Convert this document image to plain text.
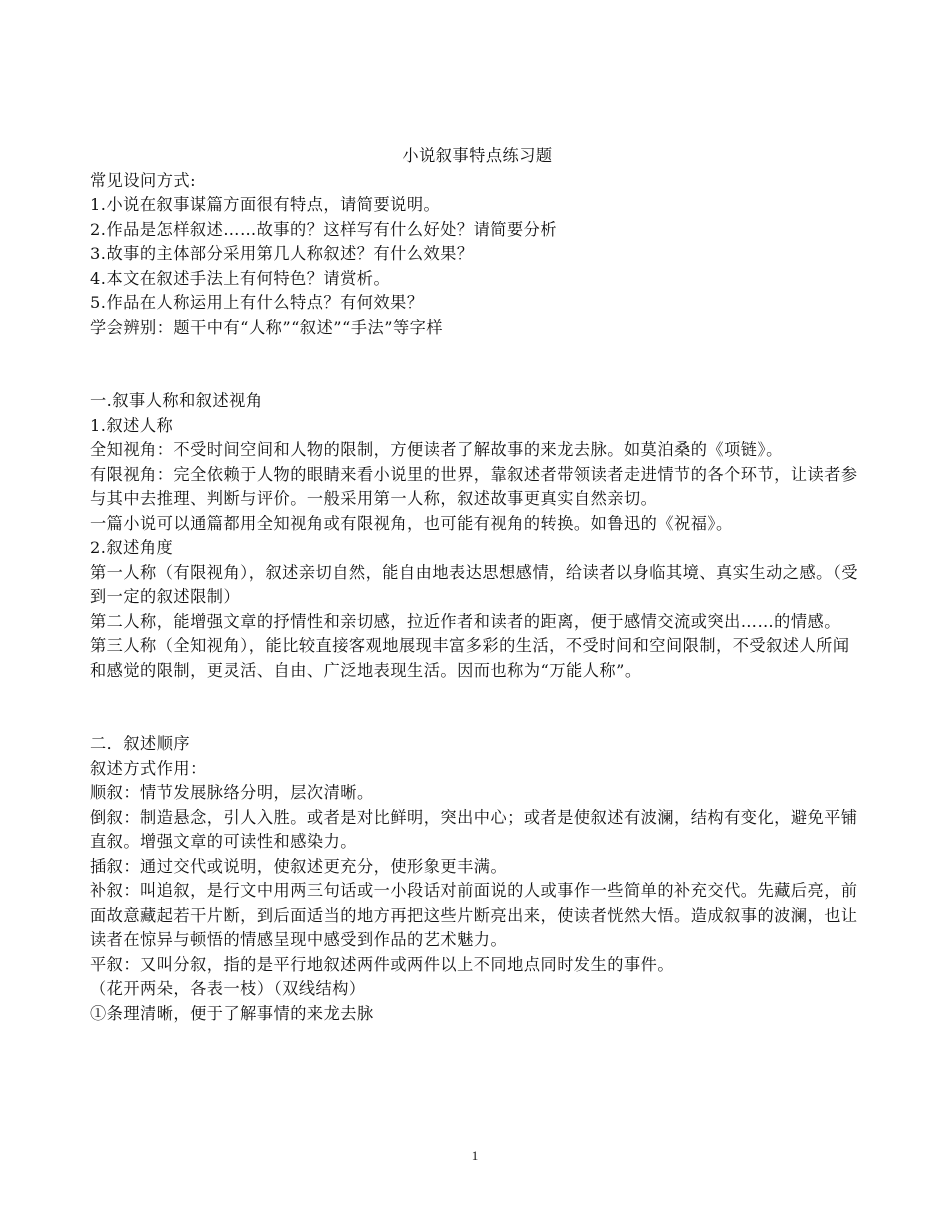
小说叙事特点练习题

常见设问方式:

1.小说在叙事谋篇方面很有特点，请简要说明。

2.作品是怎样叙述……故事的？这样写有什么好处？请简要分析

3.故事的主体部分采用第几人称叙述？有什么效果？

4.本文在叙述手法上有何特色？请赏析。

5.作品在人称运用上有什么特点？有何效果？

学会辨别：题干中有“人称”“叙述”“手法”等字样

一.叙事人称和叙述视角

1.叙述人称

全知视角：不受时间空间和人物的限制，方便读者了解故事的来龙去脉。如莫泊桑的《项链》。

有限视角：完全依赖于人物的眼睛来看小说里的世界，靠叙述者带领读者走进情节的各个环节，让读者参与其中去推理、判断与评价。一般采用第一人称，叙述故事更真实自然亲切。

一篇小说可以通篇都用全知视角或有限视角，也可能有视角的转换。如鲁迅的《祝福》。

2.叙述角度

第一人称（有限视角），叙述亲切自然，能自由地表达思想感情，给读者以身临其境、真实生动之感。（受到一定的叙述限制）

第二人称，能增强文章的抒情性和亲切感，拉近作者和读者的距离，便于感情交流或突出……的情感。

第三人称（全知视角），能比较直接客观地展现丰富多彩的生活，不受时间和空间限制，不受叙述人所闻和感觉的限制，更灵活、自由、广泛地表现生活。因而也称为“万能人称”。

二．叙述顺序

叙述方式作用：

顺叙：情节发展脉络分明，层次清晰。

倒叙：制造悬念，引人入胜。或者是对比鲜明，突出中心；或者是使叙述有波澜，结构有变化，避免平铺直叙。增强文章的可读性和感染力。

插叙：通过交代或说明，使叙述更充分，使形象更丰满。

补叙：叫追叙，是行文中用两三句话或一小段话对前面说的人或事作一些简单的补充交代。先藏后亮，前面故意藏起若干片断，到后面适当的地方再把这些片断亮出来，使读者恍然大悟。造成叙事的波澜，也让读者在惊异与顿悟的情感呈现中感受到作品的艺术魅力。

平叙：又叫分叙，指的是平行地叙述两件或两件以上不同地点同时发生的事件。

（花开两朵，各表一枝）（双线结构）

①条理清晰，便于了解事情的来龙去脉

1
